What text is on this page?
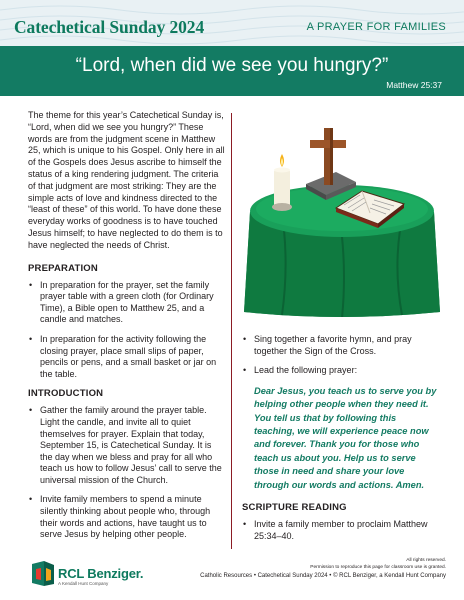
Catechetical Sunday 2024	A PRAYER FOR FAMILIES
“Lord, when did we see you hungry?”
Matthew 25:37

The theme for this year’s Catechetical Sunday is, “Lord, when did we see you hungry?” These words are from the judgment scene in Matthew 25, which is unique to his Gospel. Only here in all of the Gospels does Jesus ascribe to himself the status of a king rendering judgment. The criteria of that judgment are most striking: They are the simple acts of love and kindness directed to the “least of these” of this world. To have done these everyday works of goodness is to have touched Jesus himself; to have neglected to do them is to have neglected the needs of Christ.

PREPARATION
• In preparation for the prayer, set the family prayer table with a green cloth (for Ordinary Time), a Bible open to Matthew 25, and a candle and matches.
• In preparation for the activity following the closing prayer, place small slips of paper, pencils or pens, and a small basket or jar on the table.
INTRODUCTION
• Gather the family around the prayer table. Light the candle, and invite all to quiet themselves for prayer. Explain that today, September 15, is Catechetical Sunday. It is the day when we bless and pray for all who teach us how to follow Jesus’ call to serve the universal mission of the Church.
• Invite family members to spend a minute silently thinking about people who, through their words and actions, have taught us to serve Jesus by helping other people.
• Sing together a favorite hymn, and pray together the Sign of the Cross.
• Lead the following prayer:

Dear Jesus, you teach us to serve you by helping other people when they need it. You tell us that by following this teaching, we will experience peace now and forever. Thank you for those who teach us about you. Help us to serve those in need and share your love through our words and actions. Amen.

SCRIPTURE READING
• Invite a family member to proclaim Matthew 25:34–40.
RCL Benziger.
A Kendall Hunt Company
All rights reserved.
Permission to reproduce this page for classroom use is granted.
Catholic Resources • Catechetical Sunday 2024 • © RCL Benziger, a Kendall Hunt Company
